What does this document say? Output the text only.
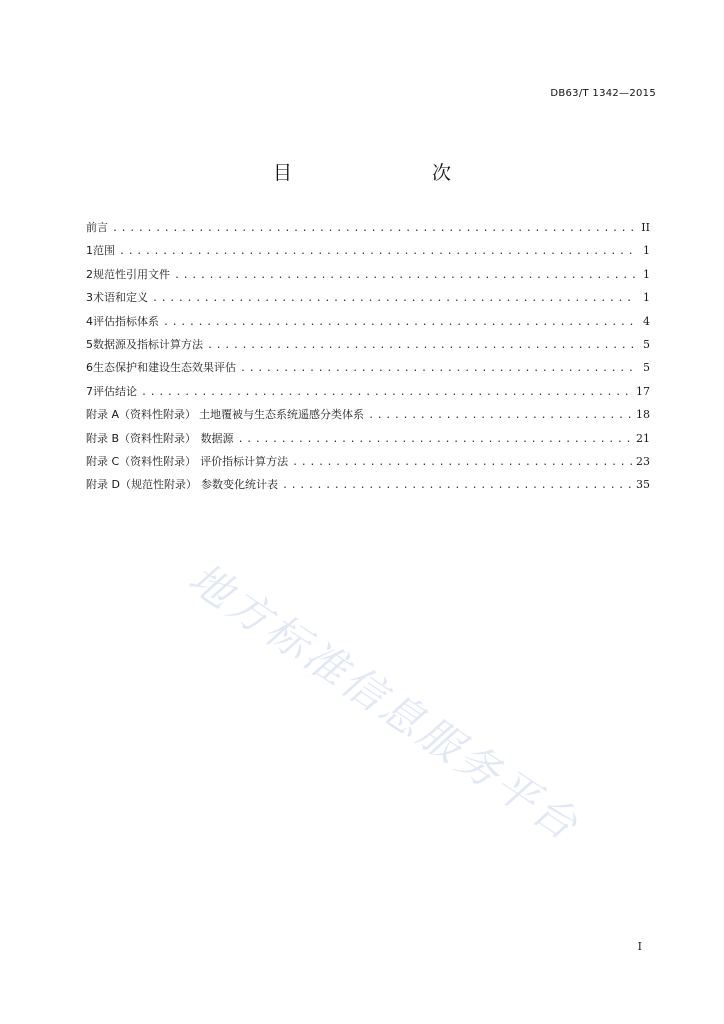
DB63/T 1342—2015
目　　次
前言 .....	II
1 范围 .....	1
2 规范性引用文件 .....	1
3 术语和定义 .....	1
4 评估指标体系 .....	4
5 数据源及指标计算方法 .....	5
6 生态保护和建设生态效果评估 .....	5
7 评估结论 .....	17
附录 A（资料性附录） 土地覆被与生态系统遥感分类体系 .....	18
附录 B（资料性附录） 数据源 .....	21
附录 C（资料性附录） 评价指标计算方法 .....	23
附录 D（规范性附录） 参数变化统计表 .....	35
地方标准信息服务平台
I
